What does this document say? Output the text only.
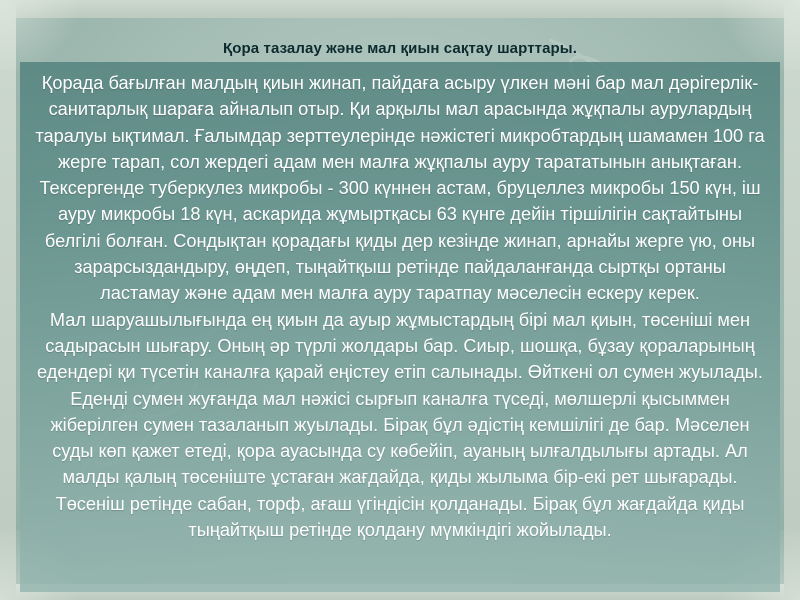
Қора тазалау және мал қиын сақтау шарттары.

Қорада бағылған малдың қиын жинап, пайдаға асыру үлкен мәні бар мал дәрігерлік-санитарлық шараға айналып отыр. Қи арқылы мал арасында жұқпалы аурулардың таралуы ықтимал. Ғалымдар зерттеулерінде нәжістегі микробтардың шамамен 100 га жерге тарап, сол жердегі адам мен малға жұқпалы ауру тарататынын анықтаған. Тексергенде туберкулез микробы - 300 күннен астам, бруцеллез микробы 150 күн, іш ауру микробы 18 күн, аскарида жұмыртқасы 63 күнге дейін тіршілігін сақтайтыны белгілі болған. Сондықтан қорадағы қиды дер кезінде жинап, арнайы жерге үю, оны зарарсыздандыру, өңдеп, тыңайтқыш ретінде пайдаланғанда сыртқы ортаны ластамау және адам мен малға ауру таратпау мәселесін ескеру керек.

Мал шаруашылығында ең қиын да ауыр жұмыстардың бірі мал қиын, төсеніші мен садырасын шығару. Оның әр түрлі жолдары бар. Сиыр, шошқа, бұзау қораларының едендері қи түсетін каналға қарай еңістеу етіп салынады. Өйткені ол сумен жуылады. Еденді сумен жуғанда мал нәжісі сырғып каналға түседі, мөлшерлі қысыммен жіберілген сумен тазаланып жуылады. Бірақ бұл әдістің кемшілігі де бар. Мәселен суды көп қажет етеді, қора ауасында су көбейіп, ауаның ылғалдылығы артады. Ал малды қалың төсеніште ұстаған жағдайда, қиды жылыма бір-екі рет шығарады. Төсеніш ретінде сабан, торф, ағаш үгіндісін қолданады. Бірақ бұл жағдайда қиды тыңайтқыш ретінде қолдану мүмкіндігі жойылады.
